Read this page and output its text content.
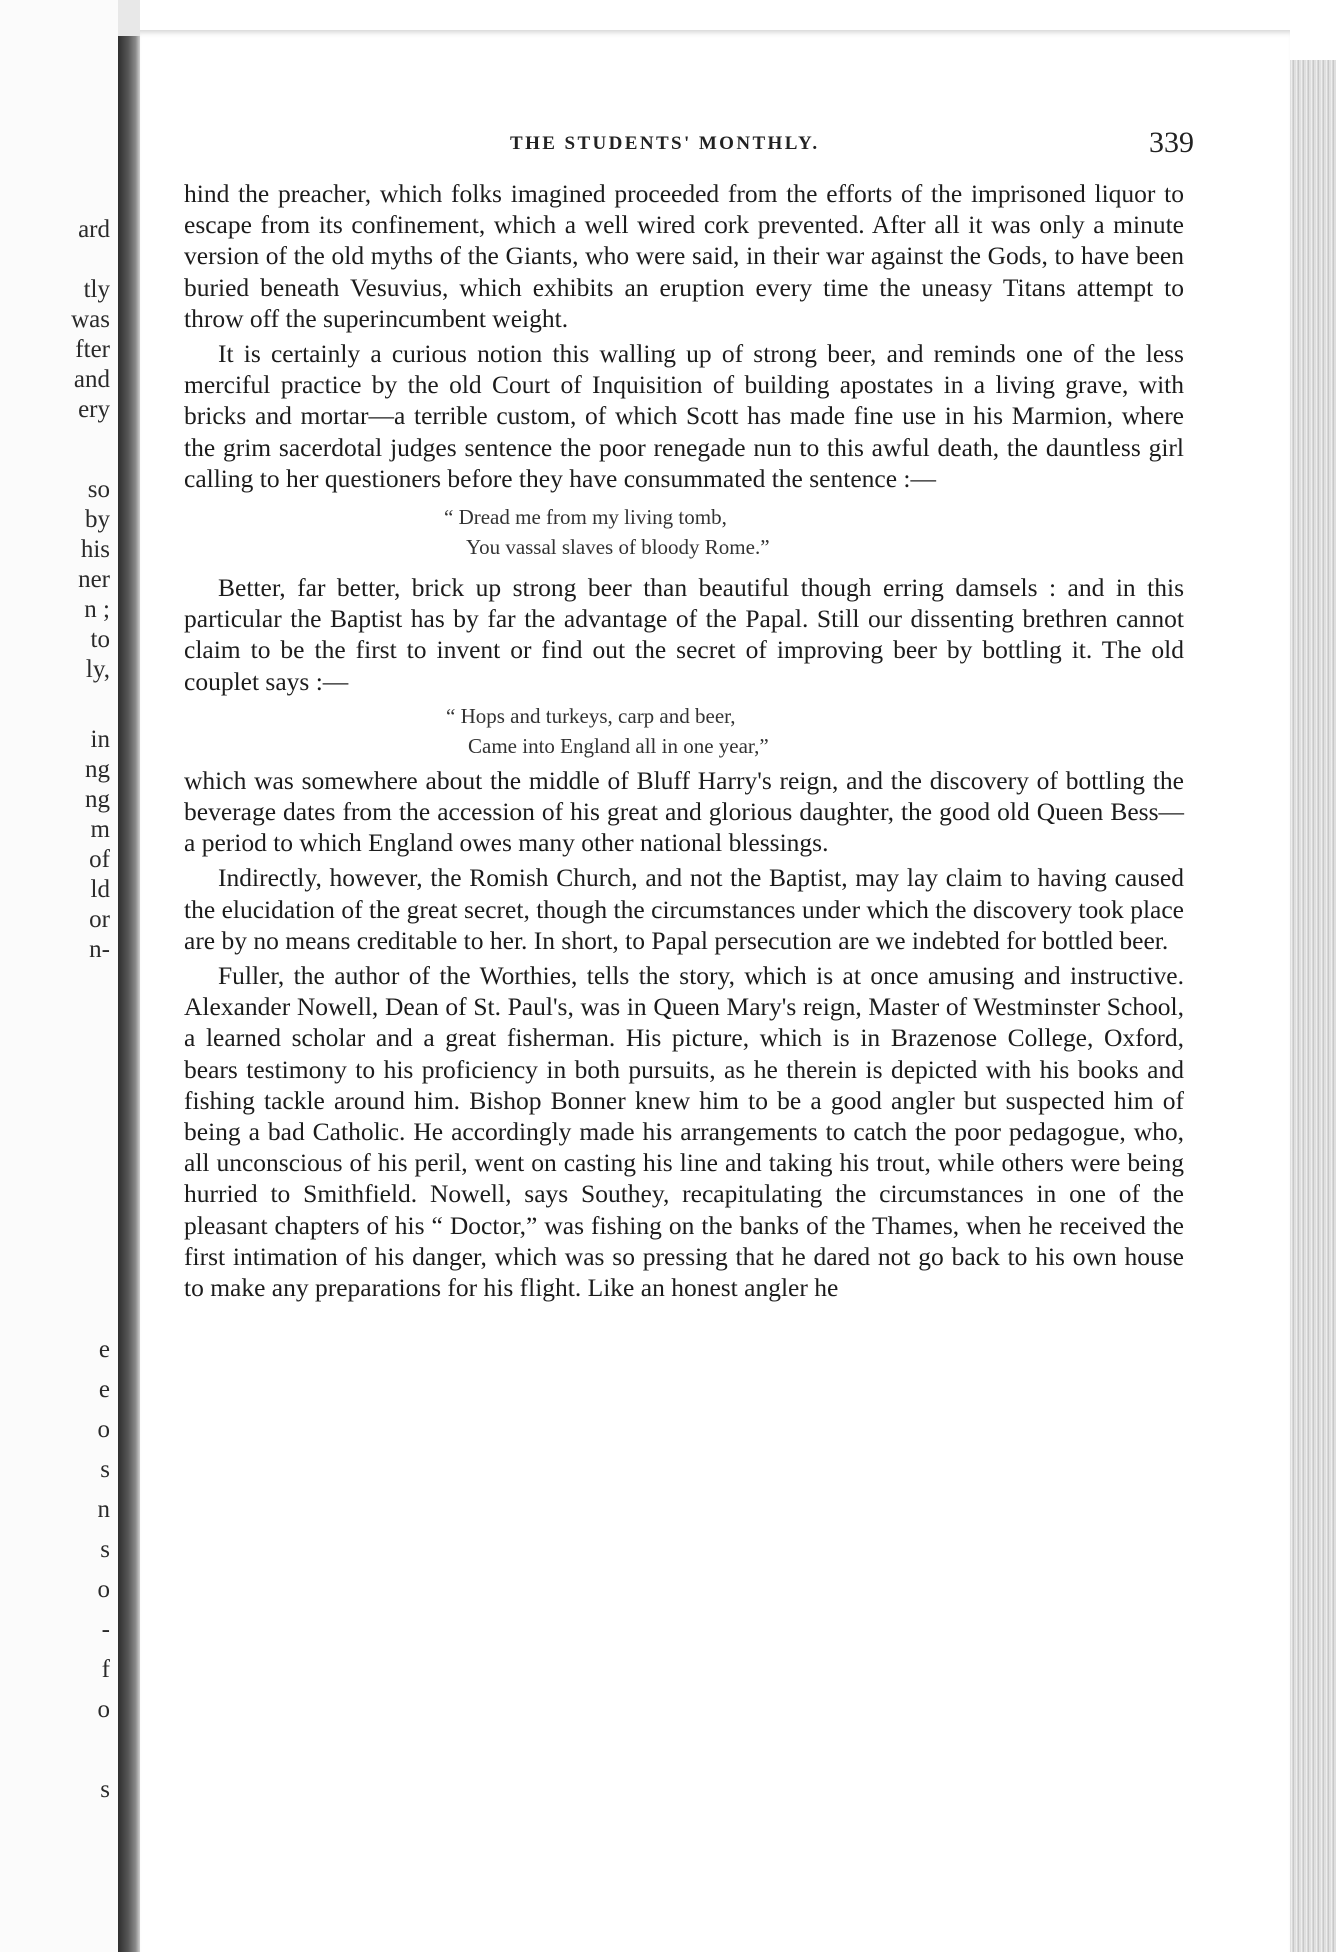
ard
tly
was
fter
and
ery
so
by
his
ner
n ;
to
ly,
in
ng
ng
m
of
ld
or
n-
e
e
o
s
n
s
o
-
f
o
s
THE STUDENTS' MONTHLY.	339

hind the preacher, which folks imagined proceeded from the efforts of the imprisoned liquor to escape from its confinement, which a well wired cork prevented. After all it was only a minute version of the old myths of the Giants, who were said, in their war against the Gods, to have been buried beneath Vesuvius, which exhibits an eruption every time the uneasy Titans attempt to throw off the superincumbent weight.

It is certainly a curious notion this walling up of strong beer, and reminds one of the less merciful practice by the old Court of Inquisition of building apostates in a living grave, with bricks and mortar—a terrible custom, of which Scott has made fine use in his Marmion, where the grim sacerdotal judges sentence the poor renegade nun to this awful death, the dauntless girl calling to her questioners before they have consummated the sentence :—

“ Dread me from my living tomb,
You vassal slaves of bloody Rome.”

Better, far better, brick up strong beer than beautiful though erring damsels : and in this particular the Baptist has by far the advantage of the Papal. Still our dissenting brethren cannot claim to be the first to invent or find out the secret of improving beer by bottling it. The old couplet says :—

“ Hops and turkeys, carp and beer,
Came into England all in one year,”

which was somewhere about the middle of Bluff Harry's reign, and the discovery of bottling the beverage dates from the accession of his great and glorious daughter, the good old Queen Bess—a period to which England owes many other national blessings.

Indirectly, however, the Romish Church, and not the Baptist, may lay claim to having caused the elucidation of the great secret, though the circumstances under which the discovery took place are by no means creditable to her. In short, to Papal persecution are we indebted for bottled beer.

Fuller, the author of the Worthies, tells the story, which is at once amusing and instructive. Alexander Nowell, Dean of St. Paul's, was in Queen Mary's reign, Master of Westminster School, a learned scholar and a great fisherman. His picture, which is in Brazenose College, Oxford, bears testimony to his proficiency in both pursuits, as he therein is depicted with his books and fishing tackle around him. Bishop Bonner knew him to be a good angler but suspected him of being a bad Catholic. He accordingly made his arrangements to catch the poor pedagogue, who, all unconscious of his peril, went on casting his line and taking his trout, while others were being hurried to Smithfield. Nowell, says Southey, recapitulating the circumstances in one of the pleasant chapters of his “ Doctor,” was fishing on the banks of the Thames, when he received the first intimation of his danger, which was so pressing that he dared not go back to his own house to make any preparations for his flight. Like an honest angler he
